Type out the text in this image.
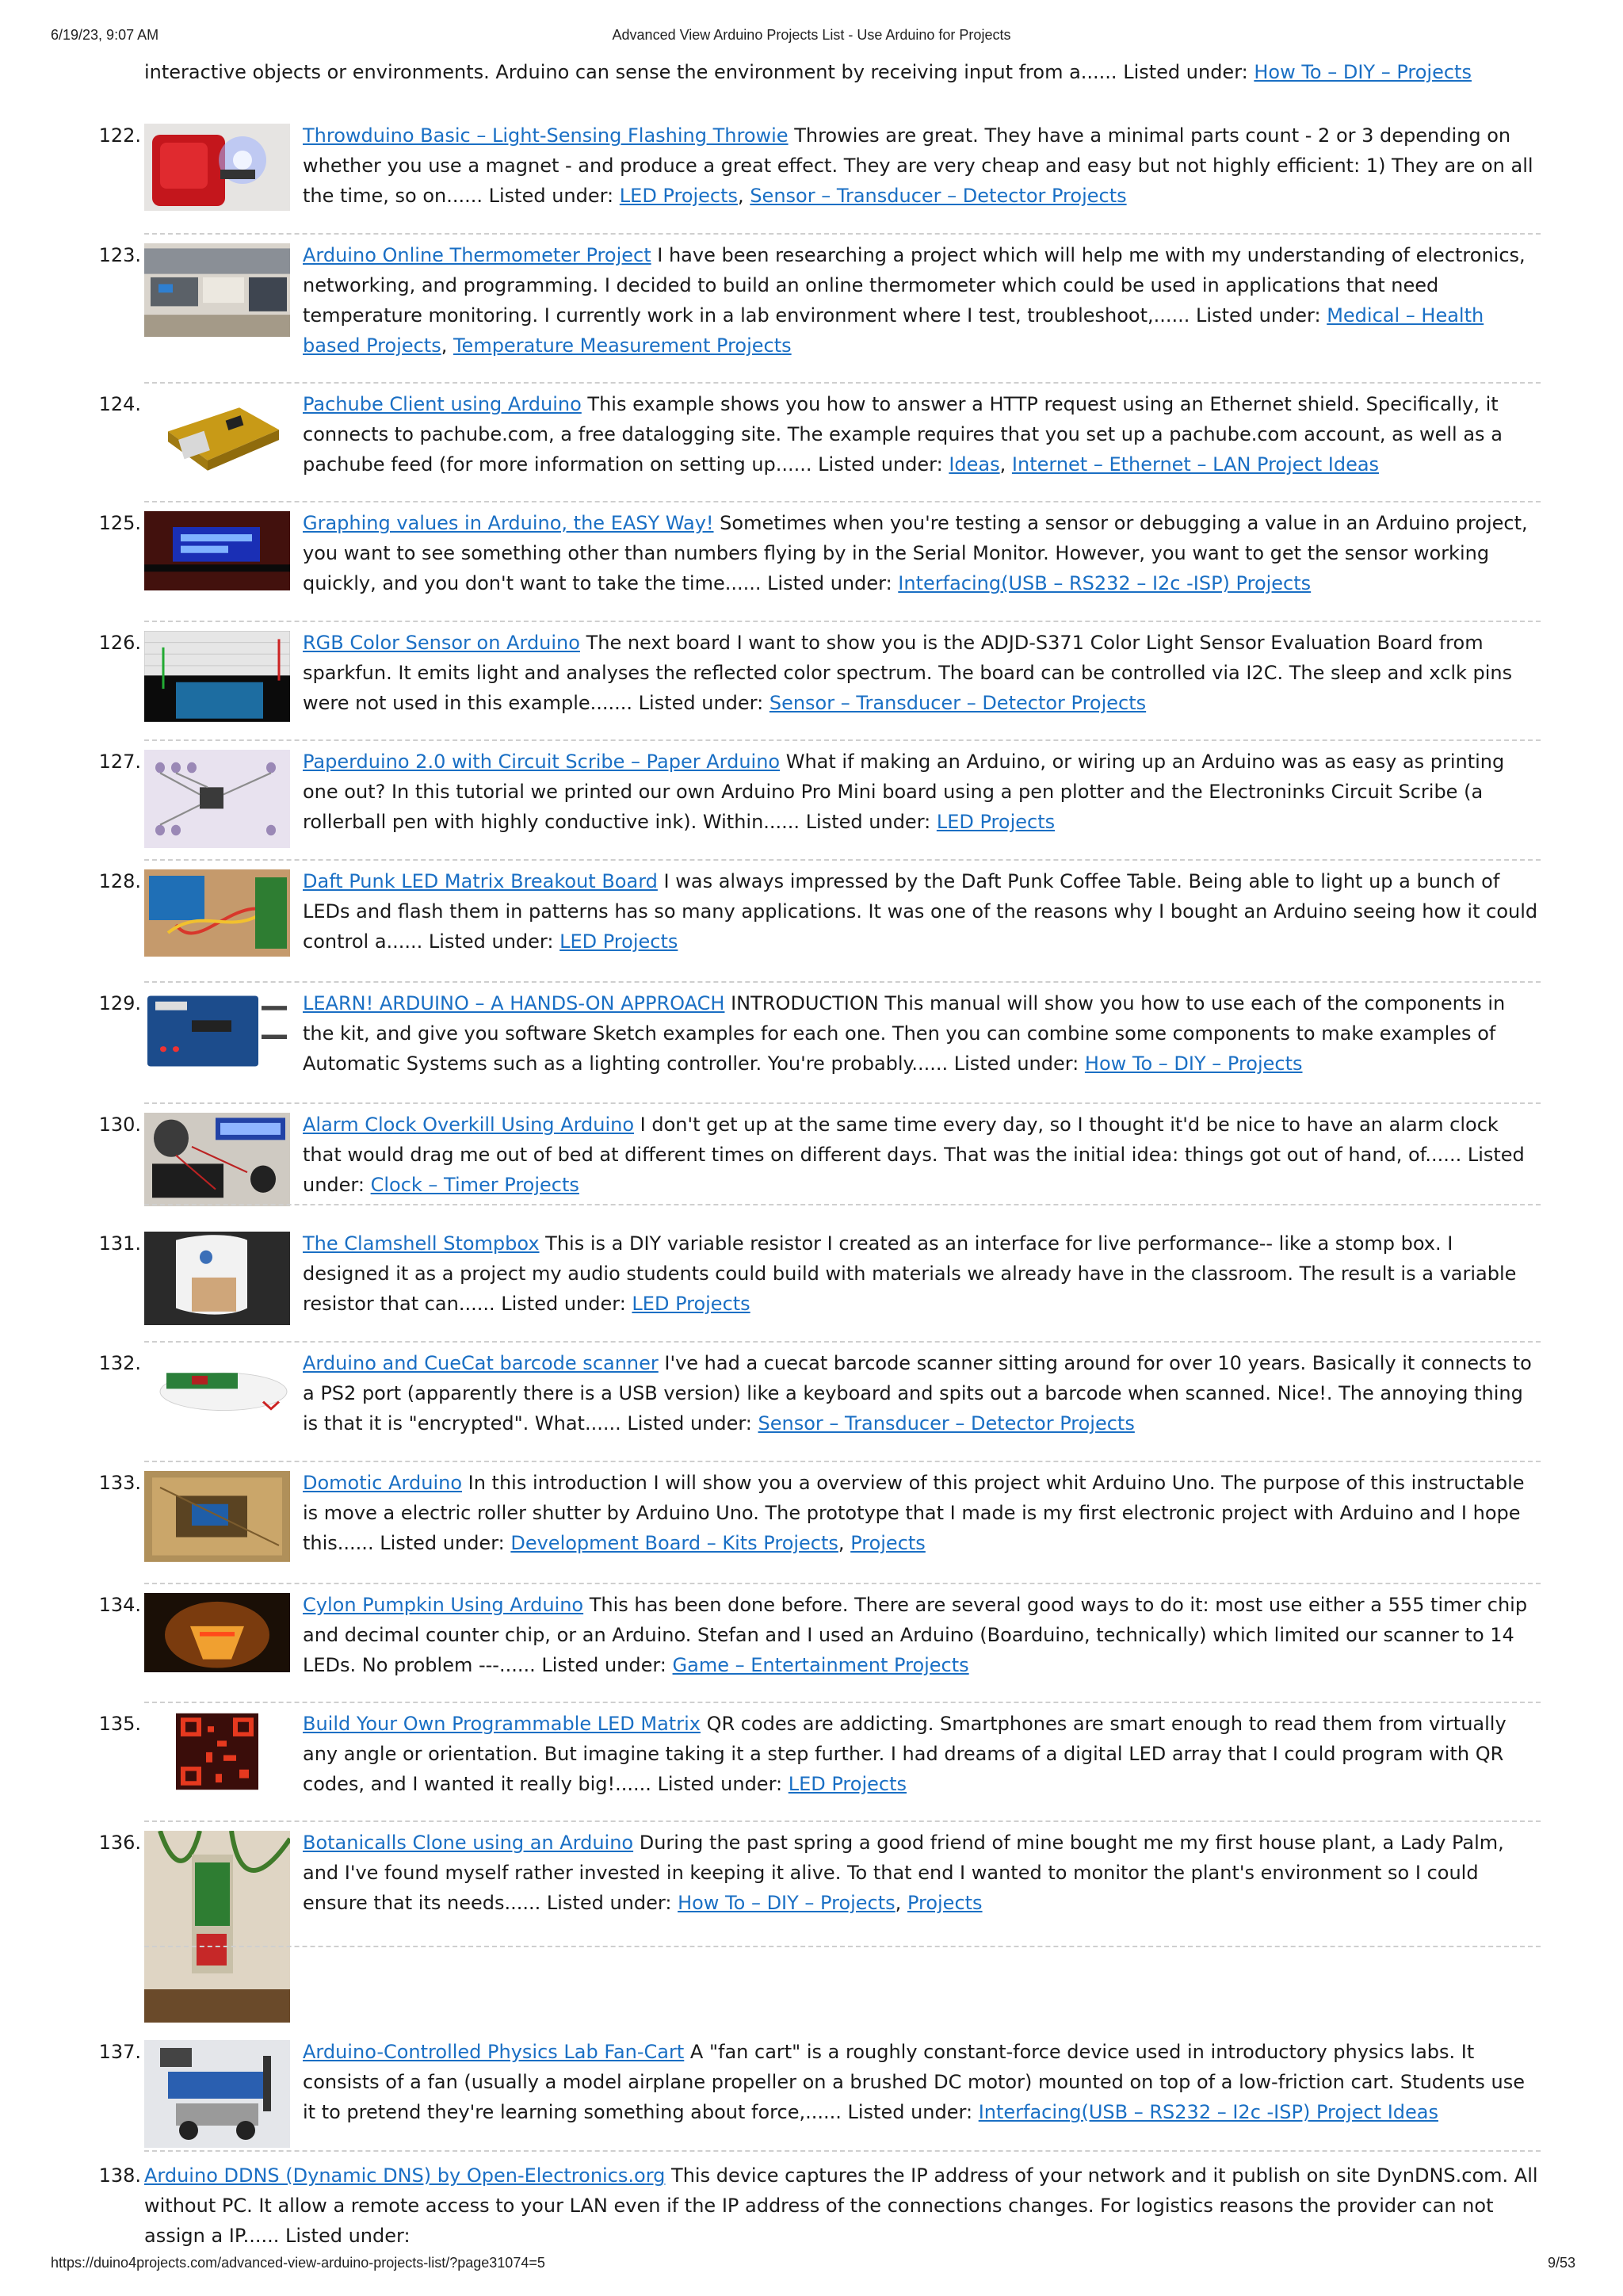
6/19/23, 9:07 AM	Advanced View Arduino Projects List - Use Arduino for Projects
interactive objects or environments. Arduino can sense the environment by receiving input from a...... Listed under: How To – DIY – Projects
122.	Throwduino Basic – Light-Sensing Flashing Throwie Throwies are great. They have a minimal parts count - 2 or 3 depending on whether you use a magnet - and produce a great effect. They are very cheap and easy but not highly efficient: 1) They are on all the time, so on...... Listed under: LED Projects, Sensor – Transducer – Detector Projects
123.	Arduino Online Thermometer Project I have been researching a project which will help me with my understanding of electronics, networking, and programming. I decided to build an online thermometer which could be used in applications that need temperature monitoring. I currently work in a lab environment where I test, troubleshoot,...... Listed under: Medical – Health based Projects, Temperature Measurement Projects
124.	Pachube Client using Arduino This example shows you how to answer a HTTP request using an Ethernet shield. Specifically, it connects to pachube.com, a free datalogging site. The example requires that you set up a pachube.com account, as well as a pachube feed (for more information on setting up...... Listed under: Ideas, Internet – Ethernet – LAN Project Ideas
125.	Graphing values in Arduino, the EASY Way! Sometimes when you're testing a sensor or debugging a value in an Arduino project, you want to see something other than numbers flying by in the Serial Monitor. However, you want to get the sensor working quickly, and you don't want to take the time...... Listed under: Interfacing(USB – RS232 – I2c -ISP) Projects
126.	RGB Color Sensor on Arduino The next board I want to show you is the ADJD-S371 Color Light Sensor Evaluation Board from sparkfun. It emits light and analyses the reflected color spectrum. The board can be controlled via I2C. The sleep and xclk pins were not used in this example....... Listed under: Sensor – Transducer – Detector Projects
127.	Paperduino 2.0 with Circuit Scribe – Paper Arduino What if making an Arduino, or wiring up an Arduino was as easy as printing one out? In this tutorial we printed our own Arduino Pro Mini board using a pen plotter and the Electroninks Circuit Scribe (a rollerball pen with highly conductive ink). Within...... Listed under: LED Projects
128.	Daft Punk LED Matrix Breakout Board I was always impressed by the Daft Punk Coffee Table. Being able to light up a bunch of LEDs and flash them in patterns has so many applications. It was one of the reasons why I bought an Arduino seeing how it could control a...... Listed under: LED Projects
129.	LEARN! ARDUINO – A HANDS-ON APPROACH INTRODUCTION This manual will show you how to use each of the components in the kit, and give you software Sketch examples for each one. Then you can combine some components to make examples of Automatic Systems such as a lighting controller. You're probably...... Listed under: How To – DIY – Projects
130.	Alarm Clock Overkill Using Arduino I don't get up at the same time every day, so I thought it'd be nice to have an alarm clock that would drag me out of bed at different times on different days. That was the initial idea: things got out of hand, of...... Listed under: Clock – Timer Projects
131.	The Clamshell Stompbox This is a DIY variable resistor I created as an interface for live performance-- like a stomp box. I designed it as a project my audio students could build with materials we already have in the classroom. The result is a variable resistor that can...... Listed under: LED Projects
132.	Arduino and CueCat barcode scanner I've had a cuecat barcode scanner sitting around for over 10 years. Basically it connects to a PS2 port (apparently there is a USB version) like a keyboard and spits out a barcode when scanned. Nice!. The annoying thing is that it is "encrypted". What...... Listed under: Sensor – Transducer – Detector Projects
133.	Domotic Arduino In this introduction I will show you a overview of this project whit Arduino Uno. The purpose of this instructable is move a electric roller shutter by Arduino Uno. The prototype that I made is my first electronic project with Arduino and I hope this...... Listed under: Development Board – Kits Projects, Projects
134.	Cylon Pumpkin Using Arduino This has been done before. There are several good ways to do it: most use either a 555 timer chip and decimal counter chip, or an Arduino. Stefan and I used an Arduino (Boarduino, technically) which limited our scanner to 14 LEDs. No problem ---...... Listed under: Game – Entertainment Projects
135.	Build Your Own Programmable LED Matrix QR codes are addicting. Smartphones are smart enough to read them from virtually any angle or orientation. But imagine taking it a step further. I had dreams of a digital LED array that I could program with QR codes, and I wanted it really big!...... Listed under: LED Projects
136.	Botanicalls Clone using an Arduino During the past spring a good friend of mine bought me my first house plant, a Lady Palm, and I've found myself rather invested in keeping it alive. To that end I wanted to monitor the plant's environment so I could ensure that its needs...... Listed under: How To – DIY – Projects, Projects
137.	Arduino-Controlled Physics Lab Fan-Cart A "fan cart" is a roughly constant-force device used in introductory physics labs. It consists of a fan (usually a model airplane propeller on a brushed DC motor) mounted on top of a low-friction cart. Students use it to pretend they're learning something about force,...... Listed under: Interfacing(USB – RS232 – I2c -ISP) Project Ideas
138. Arduino DDNS (Dynamic DNS) by Open-Electronics.org This device captures the IP address of your network and it publish on site DynDNS.com. All without PC. It allow a remote access to your LAN even if the IP address of the connections changes. For logistics reasons the provider can not assign a IP...... Listed under:
https://duino4projects.com/advanced-view-arduino-projects-list/?page31074=5	9/53
